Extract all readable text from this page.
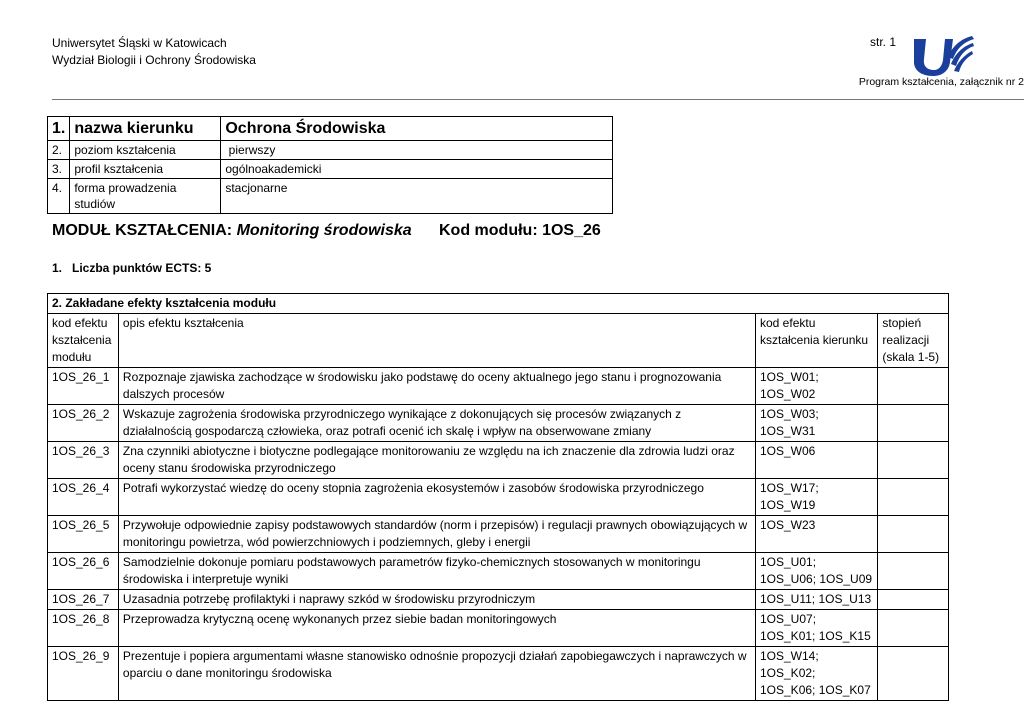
Uniwersytet Śląski w Katowicach
Wydział Biologii i Ochrony Środowiska
str. 1
Program kształcenia, załącznik nr 2
1.	nazwa kierunku	Ochrona Środowiska
2.	poziom kształcenia	pierwszy
3.	profil kształcenia	ogólnoakademicki
4.	forma prowadzenia studiów	stacjonarne
MODUŁ KSZTAŁCENIA: Monitoring środowiska Kod modułu: 1OS_26
1.   Liczba punktów ECTS: 5
2. Zakładane efekty kształcenia modułu			
kod efektu kształcenia modułu	opis efektu kształcenia	kod efektu kształcenia kierunku	stopień realizacji (skala 1-5)
1OS_26_1	Rozpoznaje zjawiska zachodzące w środowisku jako podstawę do oceny aktualnego jego stanu i prognozowania dalszych procesów	1OS_W01; 1OS_W02	
1OS_26_2	Wskazuje zagrożenia środowiska przyrodniczego wynikające z dokonujących się procesów związanych z działalnością gospodarczą człowieka, oraz potrafi ocenić ich skalę i wpływ na obserwowane zmiany	1OS_W03; 1OS_W31	
1OS_26_3	Zna czynniki abiotyczne i biotyczne podlegające monitorowaniu ze względu na ich znaczenie dla zdrowia ludzi oraz oceny stanu środowiska przyrodniczego	1OS_W06	
1OS_26_4	Potrafi wykorzystać wiedzę do oceny stopnia zagrożenia ekosystemów i zasobów środowiska przyrodniczego	1OS_W17; 1OS_W19	
1OS_26_5	Przywołuje odpowiednie zapisy podstawowych standardów (norm i przepisów) i regulacji prawnych obowiązujących w monitoringu powietrza, wód powierzchniowych i podziemnych, gleby i energii	1OS_W23	
1OS_26_6	Samodzielnie dokonuje pomiaru podstawowych parametrów fizyko-chemicznych stosowanych w monitoringu środowiska i interpretuje wyniki	1OS_U01; 1OS_U06; 1OS_U09	
1OS_26_7	Uzasadnia potrzebę profilaktyki i naprawy szkód w środowisku przyrodniczym	1OS_U11; 1OS_U13	
1OS_26_8	Przeprowadza krytyczną ocenę wykonanych przez siebie badan monitoringowych	1OS_U07; 1OS_K01; 1OS_K15	
1OS_26_9	Prezentuje i popiera argumentami własne stanowisko odnośnie propozycji działań zapobiegawczych i naprawczych w oparciu o dane monitoringu środowiska	1OS_W14; 1OS_K02; 1OS_K06; 1OS_K07	
